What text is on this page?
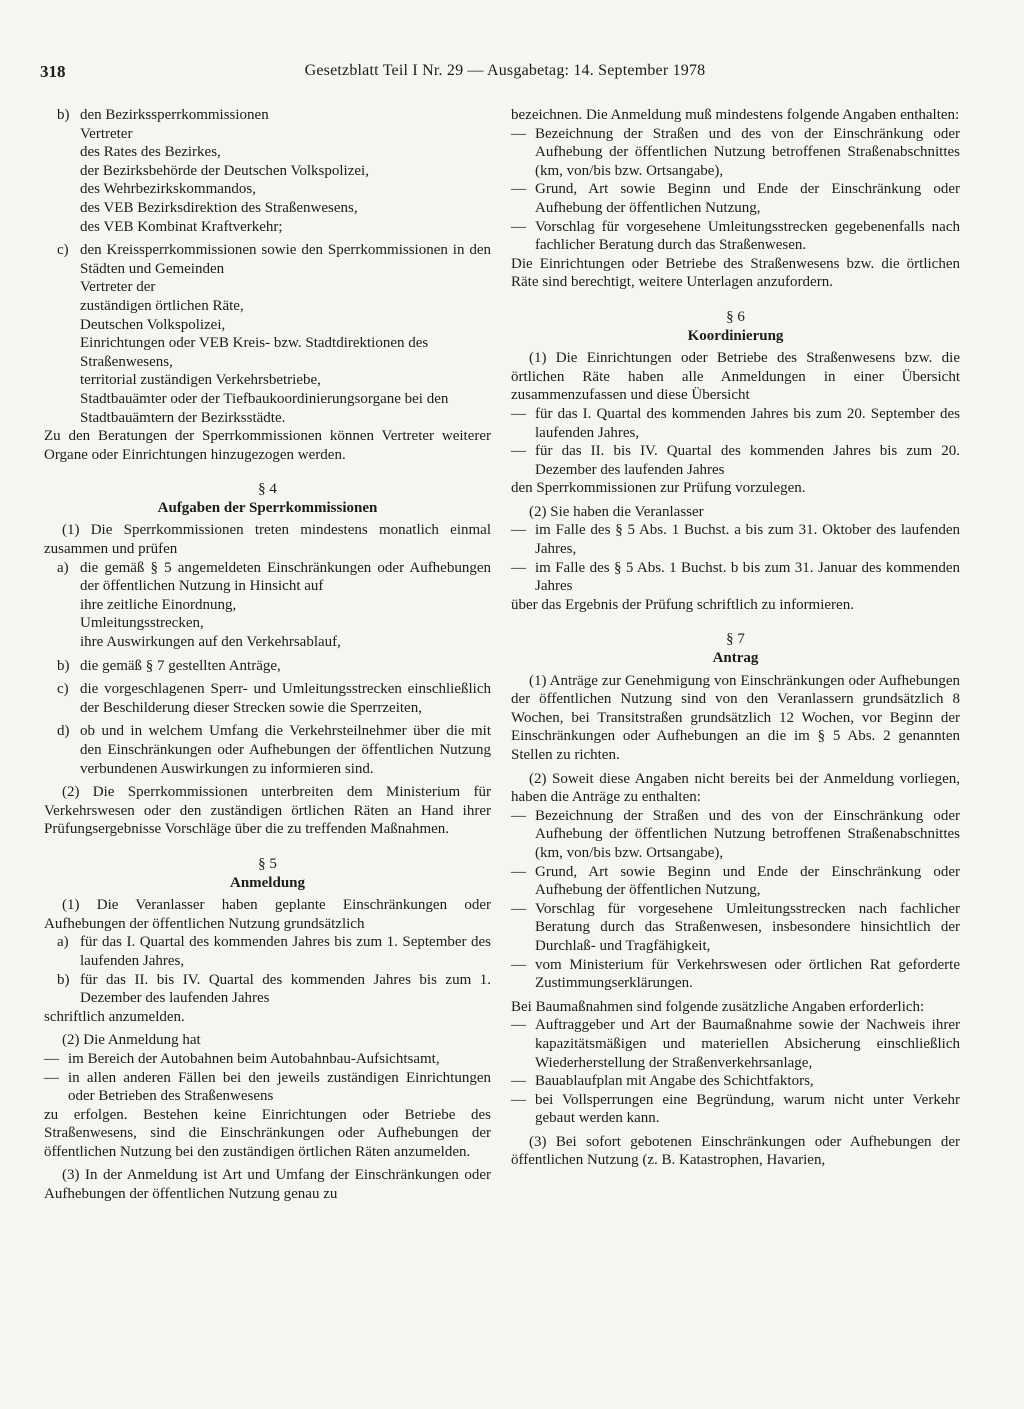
318	Gesetzblatt Teil I Nr. 29 — Ausgabetag: 14. September 1978
b) den Bezirkssperrkommissionen
Vertreter
des Rates des Bezirkes,
der Bezirksbehörde der Deutschen Volkspolizei,
des Wehrbezirkskommandos,
des VEB Bezirksdirektion des Straßenwesens,
des VEB Kombinat Kraftverkehr;
c) den Kreissperrkommissionen sowie den Sperrkommissionen in den Städten und Gemeinden
Vertreter der
zuständigen örtlichen Räte,
Deutschen Volkspolizei,
Einrichtungen oder VEB Kreis- bzw. Stadtdirektionen des Straßenwesens,
territorial zuständigen Verkehrsbetriebe,
Stadtbauämter oder der Tiefbaukoordinierungsorgane bei den Stadtbauämtern der Bezirksstädte.

Zu den Beratungen der Sperrkommissionen können Vertreter weiterer Organe oder Einrichtungen hinzugezogen werden.

§ 4
Aufgaben der Sperrkommissionen

(1) Die Sperrkommissionen treten mindestens monatlich einmal zusammen und prüfen

a) die gemäß § 5 angemeldeten Einschränkungen oder Aufhebungen der öffentlichen Nutzung in Hinsicht auf
ihre zeitliche Einordnung,
Umleitungsstrecken,
ihre Auswirkungen auf den Verkehrsablauf,
b) die gemäß § 7 gestellten Anträge,
c) die vorgeschlagenen Sperr- und Umleitungsstrecken einschließlich der Beschilderung dieser Strecken sowie die Sperrzeiten,
d) ob und in welchem Umfang die Verkehrsteilnehmer über die mit den Einschränkungen oder Aufhebungen der öffentlichen Nutzung verbundenen Auswirkungen zu informieren sind.

(2) Die Sperrkommissionen unterbreiten dem Ministerium für Verkehrswesen oder den zuständigen örtlichen Räten an Hand ihrer Prüfungsergebnisse Vorschläge über die zu treffenden Maßnahmen.

§ 5
Anmeldung

(1) Die Veranlasser haben geplante Einschränkungen oder Aufhebungen der öffentlichen Nutzung grundsätzlich

a) für das I. Quartal des kommenden Jahres bis zum 1. September des laufenden Jahres,
b) für das II. bis IV. Quartal des kommenden Jahres bis zum 1. Dezember des laufenden Jahres

schriftlich anzumelden.

(2) Die Anmeldung hat

— im Bereich der Autobahnen beim Autobahnbau-Aufsichtsamt,
— in allen anderen Fällen bei den jeweils zuständigen Einrichtungen oder Betrieben des Straßenwesens

zu erfolgen. Bestehen keine Einrichtungen oder Betriebe des Straßenwesens, sind die Einschränkungen oder Aufhebungen der öffentlichen Nutzung bei den zuständigen örtlichen Räten anzumelden.

(3) In der Anmeldung ist Art und Umfang der Einschränkungen oder Aufhebungen der öffentlichen Nutzung genau zu

bezeichnen. Die Anmeldung muß mindestens folgende Angaben enthalten:

— Bezeichnung der Straßen und des von der Einschränkung oder Aufhebung der öffentlichen Nutzung betroffenen Straßenabschnittes (km, von/bis bzw. Ortsangabe),
— Grund, Art sowie Beginn und Ende der Einschränkung oder Aufhebung der öffentlichen Nutzung,
— Vorschlag für vorgesehene Umleitungsstrecken gegebenenfalls nach fachlicher Beratung durch das Straßenwesen.

Die Einrichtungen oder Betriebe des Straßenwesens bzw. die örtlichen Räte sind berechtigt, weitere Unterlagen anzufordern.

§ 6
Koordinierung

(1) Die Einrichtungen oder Betriebe des Straßenwesens bzw. die örtlichen Räte haben alle Anmeldungen in einer Übersicht zusammenzufassen und diese Übersicht

— für das I. Quartal des kommenden Jahres bis zum 20. September des laufenden Jahres,
— für das II. bis IV. Quartal des kommenden Jahres bis zum 20. Dezember des laufenden Jahres

den Sperrkommissionen zur Prüfung vorzulegen.

(2) Sie haben die Veranlasser

— im Falle des § 5 Abs. 1 Buchst. a bis zum 31. Oktober des laufenden Jahres,
— im Falle des § 5 Abs. 1 Buchst. b bis zum 31. Januar des kommenden Jahres

über das Ergebnis der Prüfung schriftlich zu informieren.

§ 7
Antrag

(1) Anträge zur Genehmigung von Einschränkungen oder Aufhebungen der öffentlichen Nutzung sind von den Veranlassern grundsätzlich 8 Wochen, bei Transitstraßen grundsätzlich 12 Wochen, vor Beginn der Einschränkungen oder Aufhebungen an die im § 5 Abs. 2 genannten Stellen zu richten.

(2) Soweit diese Angaben nicht bereits bei der Anmeldung vorliegen, haben die Anträge zu enthalten:

— Bezeichnung der Straßen und des von der Einschränkung oder Aufhebung der öffentlichen Nutzung betroffenen Straßenabschnittes (km, von/bis bzw. Ortsangabe),
— Grund, Art sowie Beginn und Ende der Einschränkung oder Aufhebung der öffentlichen Nutzung,
— Vorschlag für vorgesehene Umleitungsstrecken nach fachlicher Beratung durch das Straßenwesen, insbesondere hinsichtlich der Durchlaß- und Tragfähigkeit,
— vom Ministerium für Verkehrswesen oder örtlichen Rat geforderte Zustimmungserklärungen.

Bei Baumaßnahmen sind folgende zusätzliche Angaben erforderlich:

— Auftraggeber und Art der Baumaßnahme sowie der Nachweis ihrer kapazitätsmäßigen und materiellen Absicherung einschließlich Wiederherstellung der Straßenverkehrsanlage,
— Bauablaufplan mit Angabe des Schichtfaktors,
— bei Vollsperrungen eine Begründung, warum nicht unter Verkehr gebaut werden kann.

(3) Bei sofort gebotenen Einschränkungen oder Aufhebungen der öffentlichen Nutzung (z. B. Katastrophen, Havarien,
